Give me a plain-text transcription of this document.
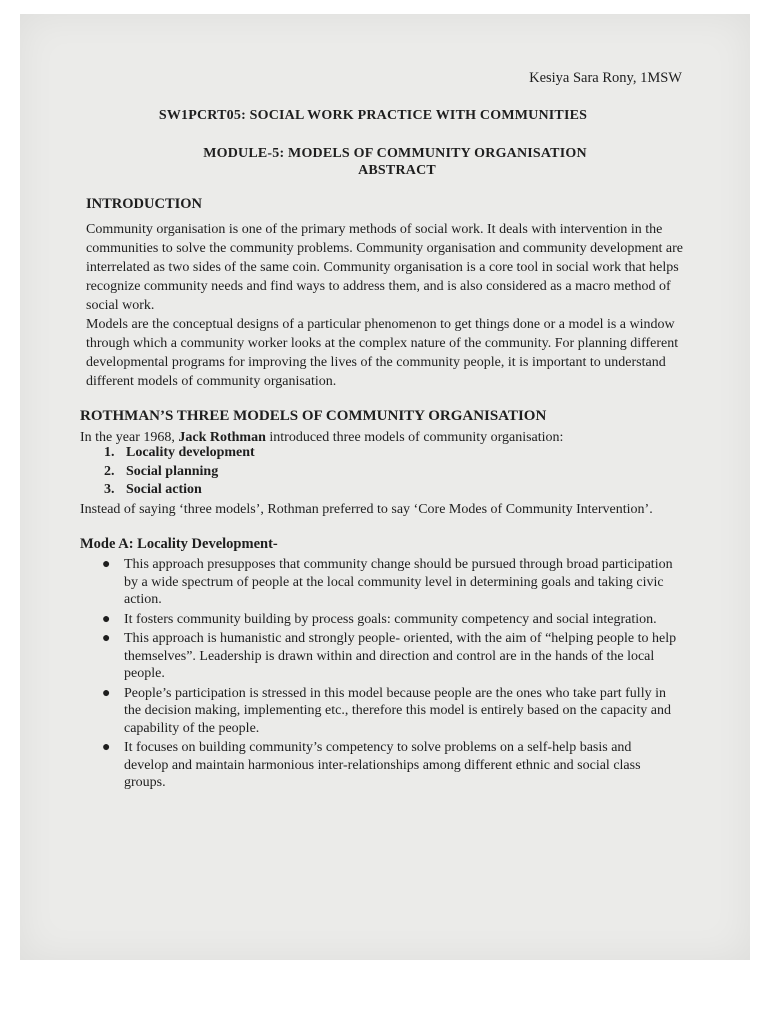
Kesiya Sara Rony, 1MSW
SW1PCRT05: SOCIAL WORK PRACTICE WITH COMMUNITIES
MODULE-5: MODELS OF COMMUNITY ORGANISATION
ABSTRACT
INTRODUCTION
Community organisation is one of the primary methods of social work. It deals with intervention in the communities to solve the community problems. Community organisation and community development are interrelated as two sides of the same coin. Community organisation is a core tool in social work that helps recognize community needs and find ways to address them, and is also considered as a macro method of social work.
Models are the conceptual designs of a particular phenomenon to get things done or a model is a window through which a community worker looks at the complex nature of the community. For planning different developmental programs for improving the lives of the community people, it is important to understand different models of community organisation.
ROTHMAN’S THREE MODELS OF COMMUNITY ORGANISATION
In the year 1968, Jack Rothman introduced three models of community organisation:
1. Locality development
2. Social planning
3. Social action
Instead of saying ‘three models’, Rothman preferred to say ‘Core Modes of Community Intervention’.
Mode A: Locality Development-
● This approach presupposes that community change should be pursued through broad participation by a wide spectrum of people at the local community level in determining goals and taking civic action.
● It fosters community building by process goals: community competency and social integration.
● This approach is humanistic and strongly people- oriented, with the aim of “helping people to help themselves”. Leadership is drawn within and direction and control are in the hands of the local people.
● People’s participation is stressed in this model because people are the ones who take part fully in the decision making, implementing etc., therefore this model is entirely based on the capacity and capability of the people.
● It focuses on building community’s competency to solve problems on a self-help basis and develop and maintain harmonious inter-relationships among different ethnic and social class groups.
